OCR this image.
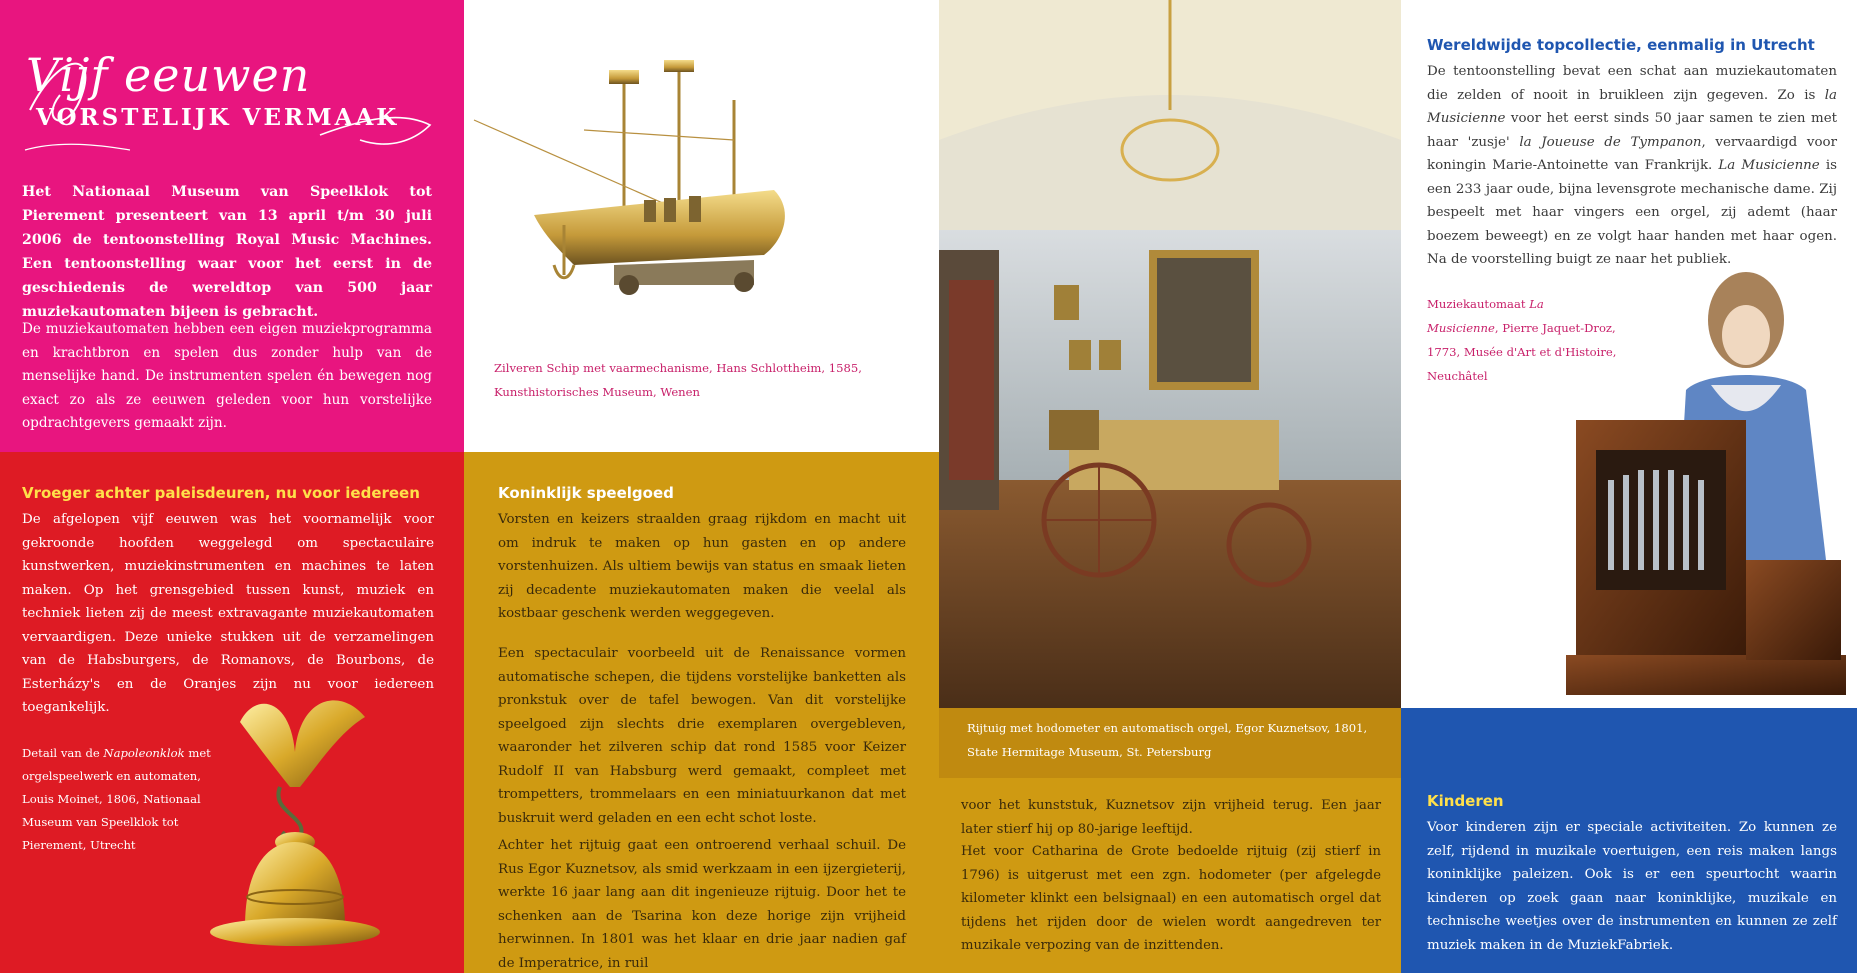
Vijf eeuwen
VORSTELIJK VERMAAK

Het Nationaal Museum van Speelklok tot Pierement presenteert van 13 april t/m 30 juli 2006 de tentoonstelling Royal Music Machines. Een tentoonstelling waar voor het eerst in de geschiedenis de wereldtop van 500 jaar muziekautomaten bijeen is gebracht.

De muziekautomaten hebben een eigen muziekprogramma en krachtbron en spelen dus zonder hulp van de menselijke hand. De instrumenten spelen én bewegen nog exact zo als ze eeuwen geleden voor hun vorstelijke opdrachtgevers gemaakt zijn.

Vroeger achter paleisdeuren, nu voor iedereen

De afgelopen vijf eeuwen was het voornamelijk voor gekroonde hoofden weggelegd om spectaculaire kunstwerken, muziekinstrumenten en machines te laten maken. Op het grensgebied tussen kunst, muziek en techniek lieten zij de meest extravagante muziekautomaten vervaardigen. Deze unieke stukken uit de verzamelingen van de Habsburgers, de Romanovs, de Bourbons, de Esterházy's en de Oranjes zijn nu voor iedereen toegankelijk.

Detail van de Napoleonklok met orgelspeelwerk en automaten, Louis Moinet, 1806, Nationaal Museum van Speelklok tot Pierement, Utrecht

Zilveren Schip met vaarmechanisme, Hans Schlottheim, 1585, Kunsthistorisches Museum, Wenen

Koninklijk speelgoed

Vorsten en keizers straalden graag rijkdom en macht uit om indruk te maken op hun gasten en op andere vorstenhuizen. Als ultiem bewijs van status en smaak lieten zij decadente muziekautomaten maken die veelal als kostbaar geschenk werden weggegeven.

Een spectaculair voorbeeld uit de Renaissance vormen automatische schepen, die tijdens vorstelijke banketten als pronkstuk over de tafel bewogen. Van dit vorstelijke speelgoed zijn slechts drie exemplaren overgebleven, waaronder het zilveren schip dat rond 1585 voor Keizer Rudolf II van Habsburg werd gemaakt, compleet met trompetters, trommelaars en een miniatuurkanon dat met buskruit werd geladen en een echt schot loste.

Achter het rijtuig gaat een ontroerend verhaal schuil. De Rus Egor Kuznetsov, als smid werkzaam in een ijzergieterij, werkte 16 jaar lang aan dit ingenieuze rijtuig. Door het te schenken aan de Tsarina kon deze horige zijn vrijheid herwinnen. In 1801 was het klaar en drie jaar nadien gaf de Imperatrice, in ruil

voor het kunststuk, Kuznetsov zijn vrijheid terug. Een jaar later stierf hij op 80-jarige leeftijd.

Het voor Catharina de Grote bedoelde rijtuig (zij stierf in 1796) is uitgerust met een zgn. hodometer (per afgelegde kilometer klinkt een belsignaal) en een automatisch orgel dat tijdens het rijden door de wielen wordt aangedreven ter muzikale verpozing van de inzittenden.

Rijtuig met hodometer en automatisch orgel, Egor Kuznetsov, 1801, State Hermitage Museum, St. Petersburg

Wereldwijde topcollectie, eenmalig in Utrecht

De tentoonstelling bevat een schat aan muziekautomaten die zelden of nooit in bruikleen zijn gegeven. Zo is la Musicienne voor het eerst sinds 50 jaar samen te zien met haar 'zusje' la Joueuse de Tympanon, vervaardigd voor koningin Marie-Antoinette van Frankrijk. La Musicienne is een 233 jaar oude, bijna levensgrote mechanische dame. Zij bespeelt met haar vingers een orgel, zij ademt (haar boezem beweegt) en ze volgt haar handen met haar ogen. Na de voorstelling buigt ze naar het publiek.

Muziekautomaat La Musicienne, Pierre Jaquet-Droz, 1773, Musée d'Art et d'Histoire, Neuchâtel

Kinderen

Voor kinderen zijn er speciale activiteiten. Zo kunnen ze zelf, rijdend in muzikale voertuigen, een reis maken langs koninklijke paleizen. Ook is er een speurtocht waarin kinderen op zoek gaan naar koninklijke, muzikale en technische weetjes over de instrumenten en kunnen ze zelf muziek maken in de MuziekFabriek.
